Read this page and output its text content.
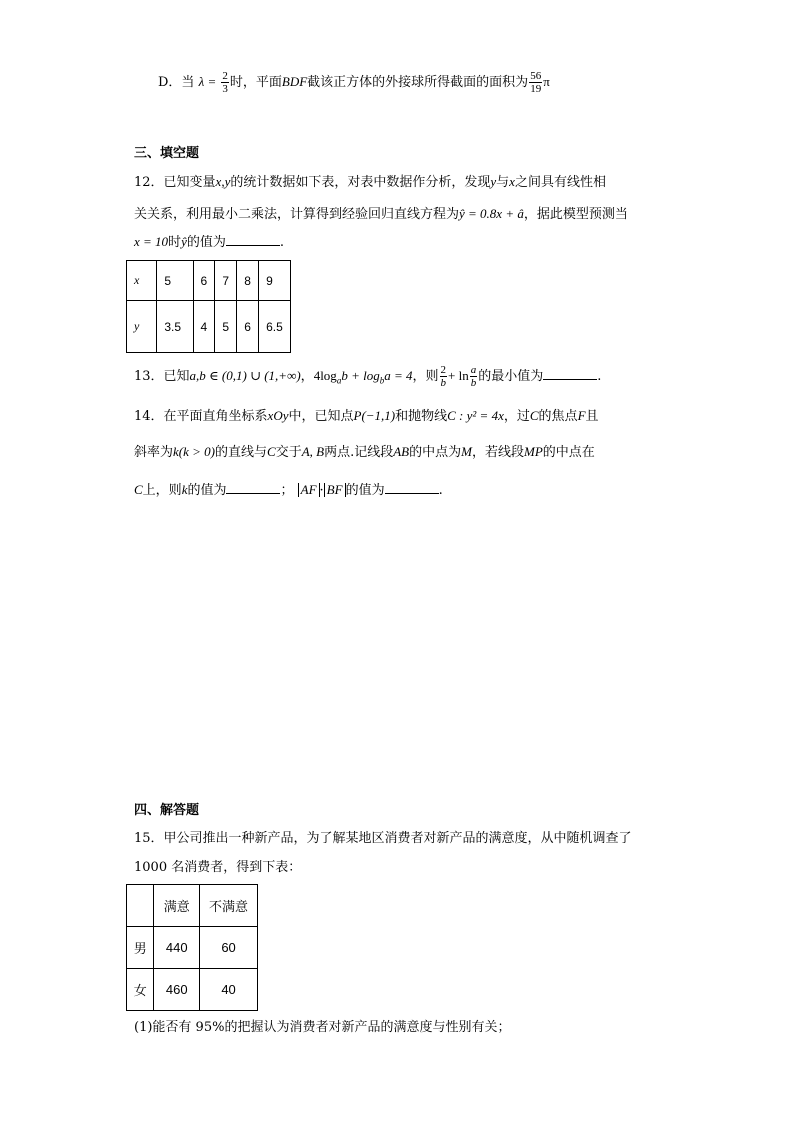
D．当 $\lambda = \frac{2}{3}$ 时，平面BDF截该正方体的外接球所得截面的面积为 $\frac{56}{19}$ π
三、填空题
12．已知变量x,y的统计数据如下表，对表中数据作分析，发现y与x之间具有线性相
关关系，利用最小二乘法，计算得到经验回归直线方程为ŷ = 0.8x + â，据此模型预测当
x = 10时ŷ的值为	.
x	5	6	7	8	9
y	3.5	4	5	6	6.5
13．已知a,b ∈ (0,1) ∪ (1,+∞)，$4\log_ab + \log_ba = 4$，则 $\frac{2}{b} + \ln \frac{a}{b}$ 的最小值为	.
14．在平面直角坐标系xOy中，已知点P(−1,1)和抛物线C : y² = 4x，过C的焦点F且
斜率为k(k > 0)的直线与C交于A, B两点.记线段AB的中点为M，若线段MP的中点在
C上，则k的值为	； AF · BF 的值为	.
四、解答题
15．甲公司推出一种新产品，为了解某地区消费者对新产品的满意度，从中随机调查了
1000 名消费者，得到下表：
	满意	不满意
男	440	60
女	460	40
(1)能否有 95%的把握认为消费者对新产品的满意度与性别有关；
